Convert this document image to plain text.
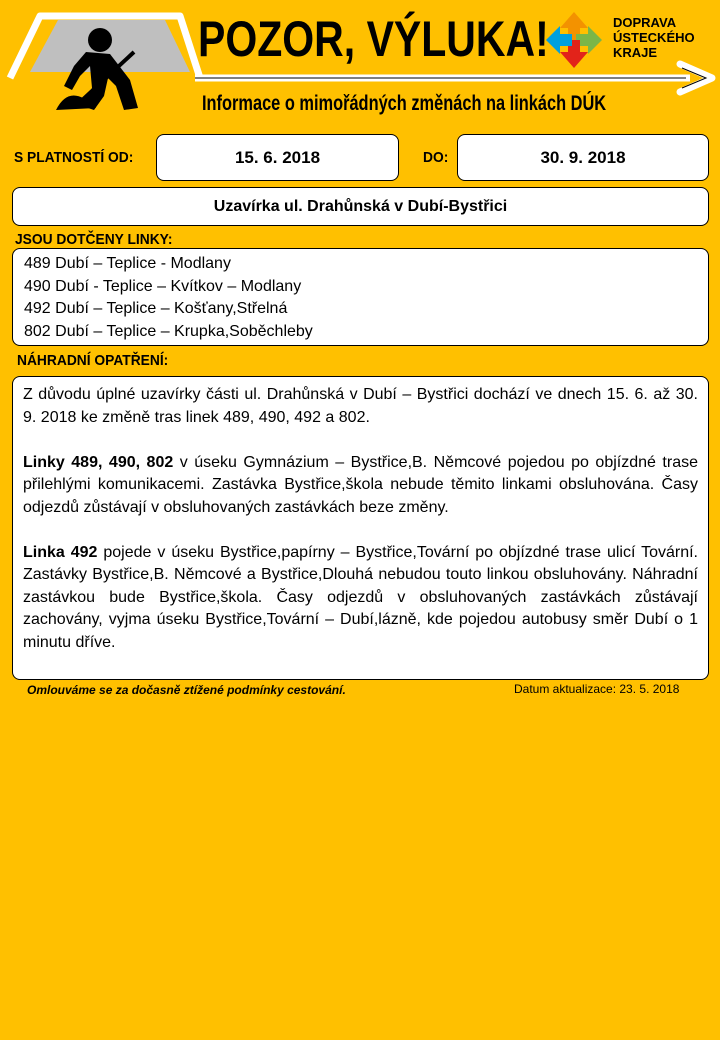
POZOR, VÝLUKA!
Informace o mimořádných změnách na linkách DÚK
DOPRAVA
ÚSTECKÉHO
KRAJE
S PLATNOSTÍ OD:	15. 6. 2018	DO:	30. 9. 2018
Uzavírka ul. Drahůnská v Dubí-Bystřici
JSOU DOTČENY LINKY:
489 Dubí – Teplice - Modlany
490 Dubí - Teplice – Kvítkov – Modlany
492 Dubí – Teplice – Košťany,Střelná
802 Dubí – Teplice – Krupka,Soběchleby
NÁHRADNÍ OPATŘENÍ:

Z důvodu úplné uzavírky části ul. Drahůnská v Dubí – Bystřici dochází ve dnech 15. 6. až 30. 9. 2018 ke změně tras linek 489, 490, 492 a 802.

Linky 489, 490, 802 v úseku Gymnázium – Bystřice,B. Němcové pojedou po objízdné trase přilehlými komunikacemi. Zastávka Bystřice,škola nebude těmito linkami obsluhována. Časy odjezdů zůstávají v obsluhovaných zastávkách beze změny.

Linka 492 pojede v úseku Bystřice,papírny – Bystřice,Tovární po objízdné trase ulicí Tovární. Zastávky Bystřice,B. Němcové a Bystřice,Dlouhá nebudou touto linkou obsluhovány. Náhradní zastávkou bude Bystřice,škola. Časy odjezdů v obsluhovaných zastávkách zůstávají zachovány, vyjma úseku Bystřice,Tovární – Dubí,lázně, kde pojedou autobusy směr Dubí o 1 minutu dříve.

Omlouváme se za dočasně ztížené podmínky cestování.	Datum aktualizace: 23. 5. 2018
